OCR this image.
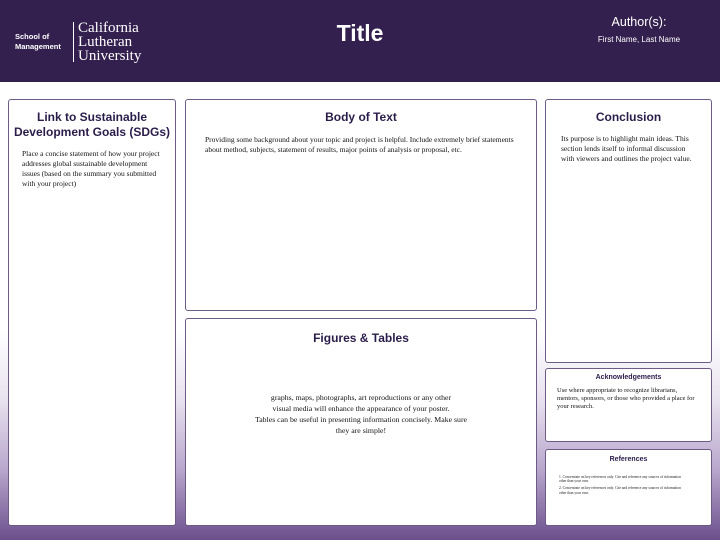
School of
Management
California
Lutheran
University
Title	Author(s):
First Name, Last Name
Link to Sustainable
Development Goals (SDGs)
Place a concise statement of how your project addresses global sustainable development issues (based on the summary you submitted with your project)
Body of Text
Providing some background about your topic and project is helpful. Include extremely brief statements about method, subjects, statement of results, major points of analysis or proposal, etc.
Figures & Tables
graphs, maps, photographs, art reproductions or any other
visual media will enhance the appearance of your poster.
Tables can be useful in presenting information concisely. Make sure
they are simple!
Conclusion
Its purpose is to highlight main ideas. This section lends itself to informal discussion with viewers and outlines the project value.
Acknowledgements
Use where appropriate to recognize librarians, mentors, sponsors, or those who provided a place for your research.
References
1. Concentrate on key references only. Cite and reference any sources of information other than your own.
2. Concentrate on key references only. Cite and reference any sources of information other than your own.
